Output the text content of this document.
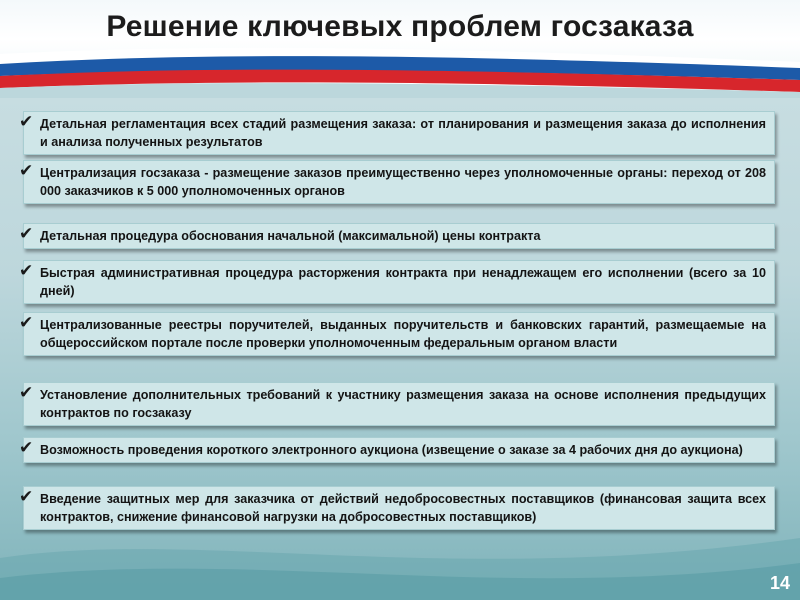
Решение ключевых проблем госзаказа
✔ Детальная регламентация всех стадий размещения заказа: от планирования и размещения заказа до исполнения и анализа полученных результатов
✔ Централизация госзаказа - размещение заказов преимущественно через уполномоченные органы: переход от 208 000 заказчиков к 5 000 уполномоченных органов
✔ Детальная процедура обоснования начальной (максимальной) цены контракта
✔ Быстрая административная процедура расторжения контракта при ненадлежащем его исполнении (всего за 10 дней)
✔ Централизованные реестры поручителей, выданных поручительств и банковских гарантий, размещаемые на общероссийском портале после проверки уполномоченным федеральным органом власти
✔ Установление дополнительных требований к участнику размещения заказа на основе исполнения предыдущих контрактов по госзаказу
✔ Возможность проведения короткого электронного аукциона (извещение о заказе за 4 рабочих дня до аукциона)
✔ Введение защитных мер для заказчика от действий недобросовестных поставщиков (финансовая защита всех контрактов, снижение финансовой нагрузки на добросовестных поставщиков)
14
